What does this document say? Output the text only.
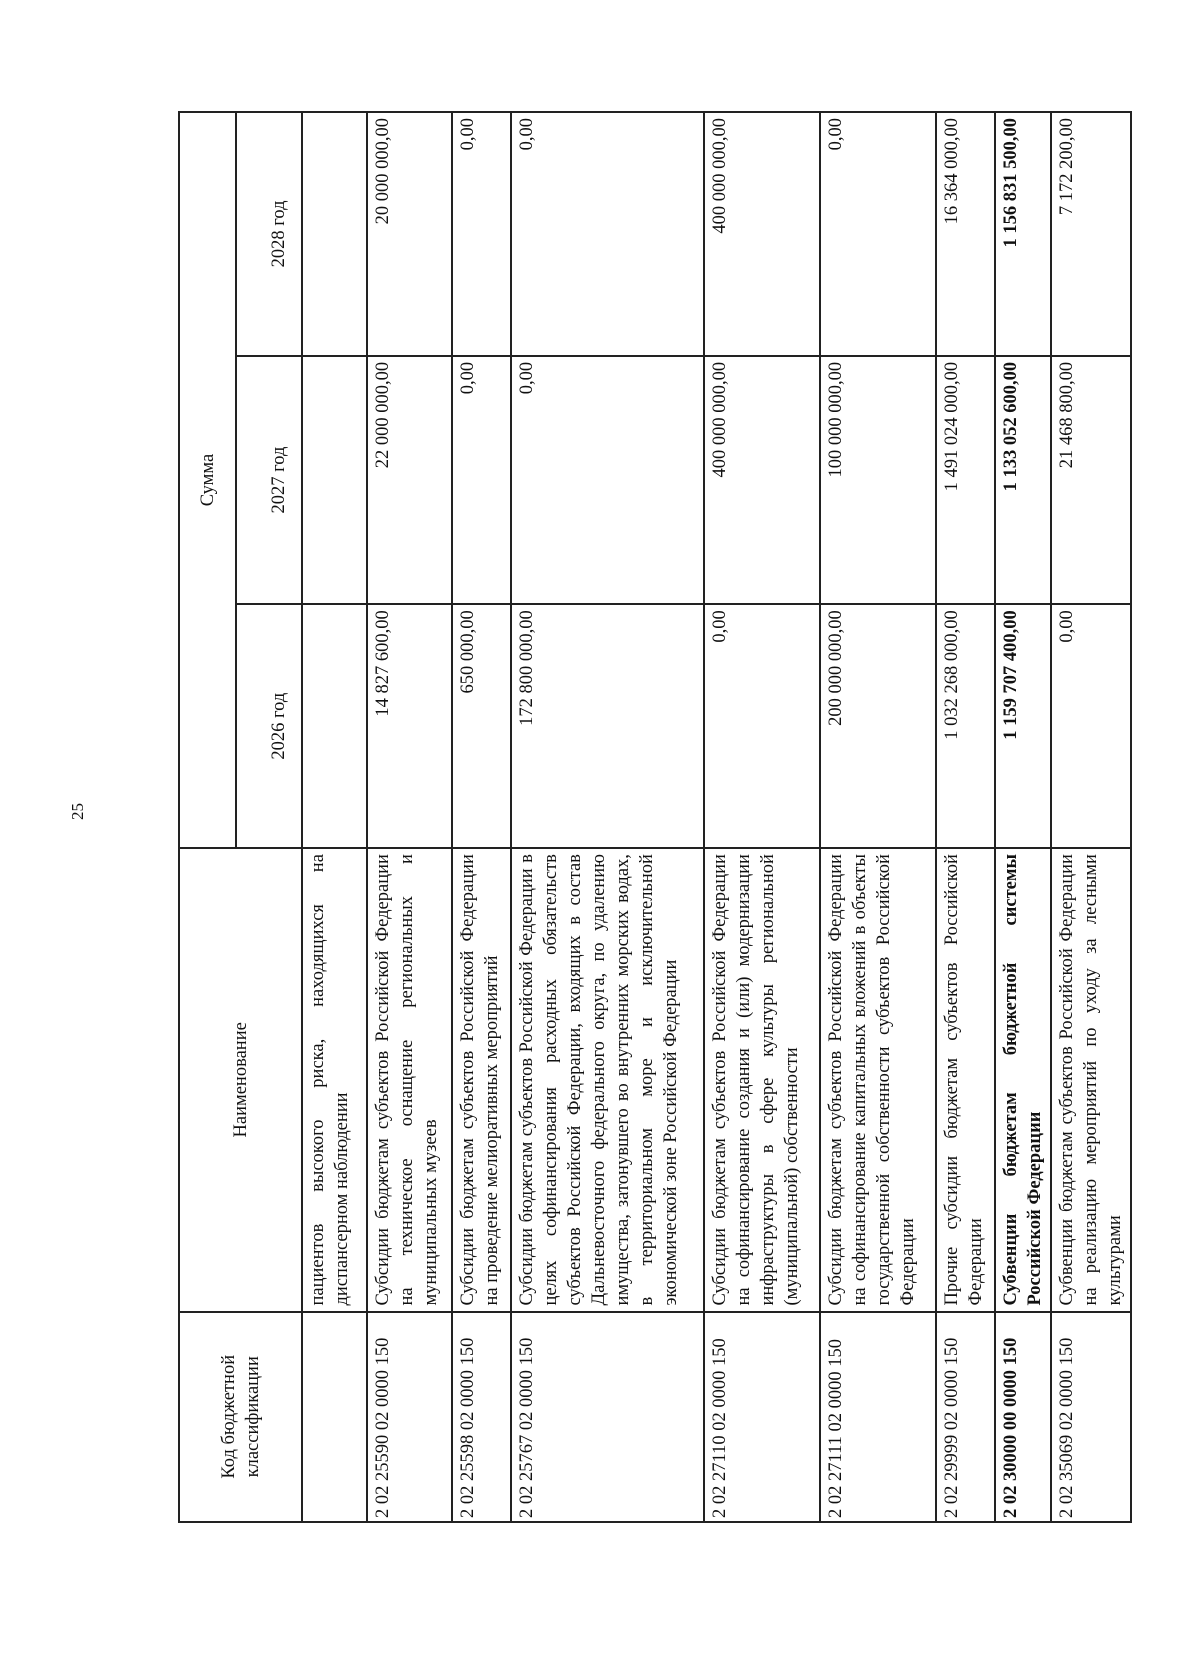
25
Код бюджетной классификации	Наименование	Сумма		
		2026 год	2027 год	2028 год
	пациентов высокого риска, находящихся на диспансерном наблюдении			
2 02 25590 02 0000 150	Субсидии бюджетам субъектов Российской Федерации на техническое оснащение региональных и муниципальных музеев	14 827 600,00	22 000 000,00	20 000 000,00
2 02 25598 02 0000 150	Субсидии бюджетам субъектов Российской Федерации на проведение мелиоративных мероприятий	650 000,00	0,00	0,00
2 02 25767 02 0000 150	Субсидии бюджетам субъектов Российской Федерации в целях софинансирования расходных обязательств субъектов Российской Федерации, входящих в состав Дальневосточного федерального округа, по удалению имущества, затонувшего во внутренних морских водах, в территориальном море и исключительной экономической зоне Российской Федерации	172 800 000,00	0,00	0,00
2 02 27110 02 0000 150	Субсидии бюджетам субъектов Российской Федерации на софинансирование создания и (или) модернизации инфраструктуры в сфере культуры региональной (муниципальной) собственности	0,00	400 000 000,00	400 000 000,00
2 02 27111 02 0000 150	Субсидии бюджетам субъектов Российской Федерации на софинансирование капитальных вложений в объекты государственной собственности субъектов Российской Федерации	200 000 000,00	100 000 000,00	0,00
2 02 29999 02 0000 150	Прочие субсидии бюджетам субъектов Российской Федерации	1 032 268 000,00	1 491 024 000,00	16 364 000,00
2 02 30000 00 0000 150	Субвенции бюджетам бюджетной системы Российской Федерации	1 159 707 400,00	1 133 052 600,00	1 156 831 500,00
2 02 35069 02 0000 150	Субвенции бюджетам субъектов Российской Федерации на реализацию мероприятий по уходу за лесными культурами	0,00	21 468 800,00	7 172 200,00
